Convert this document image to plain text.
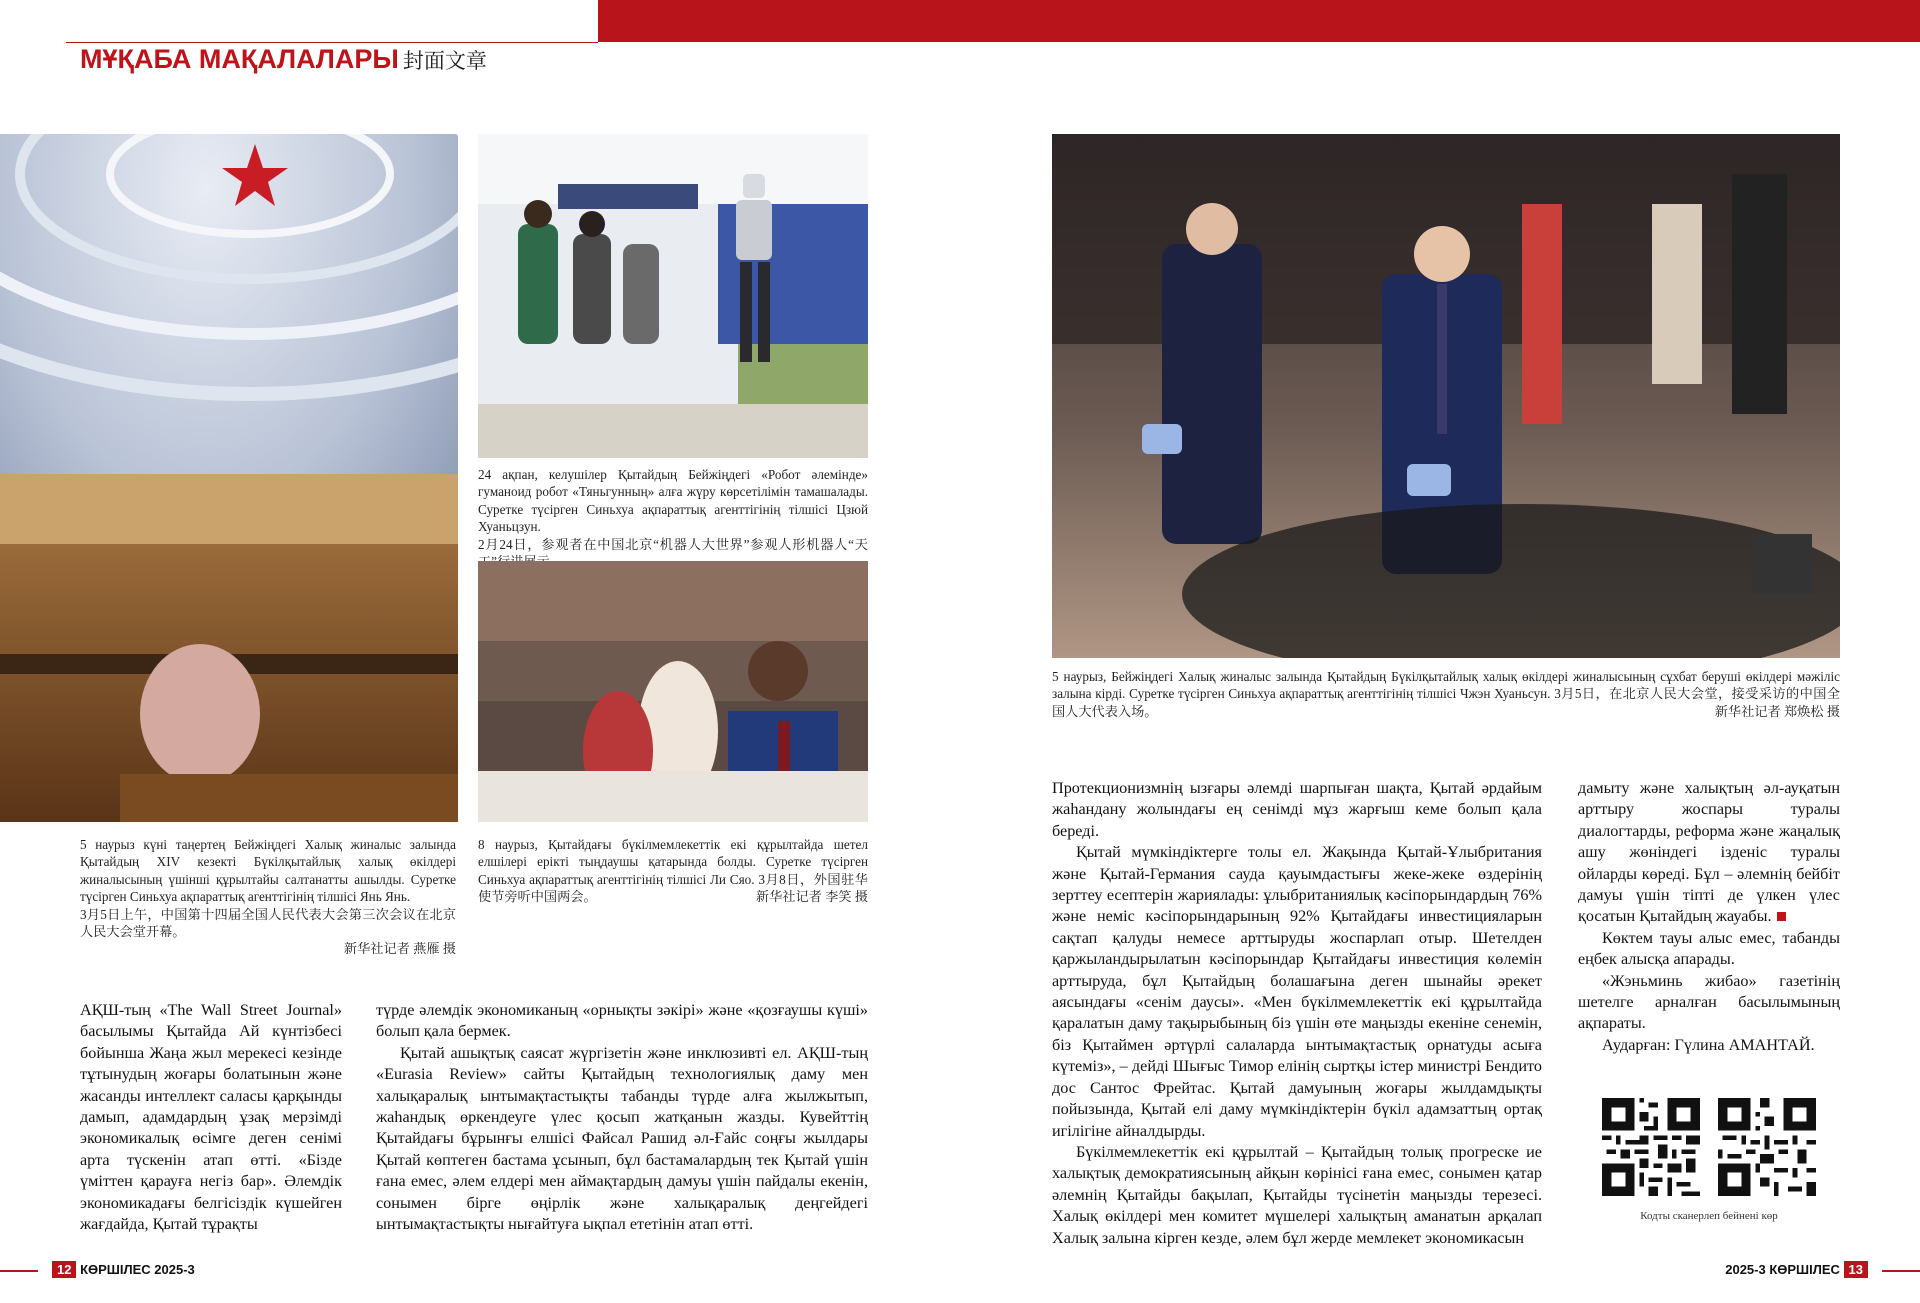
МҰҚАБА МАҚАЛАЛАРЫ 封面文章
5 наурыз күні таңертең Бейжіңдегі Халық жиналыс залында Қытайдың XIV кезекті Бүкілқытайлық халық өкілдері жиналысының үшінші құрылтайы салтанатты ашылды. Суретке түсірген Синьхуа ақпараттық агенттігінің тілшісі Янь Янь.
3月5日上午，中国第十四届全国人民代表大会第三次会议在北京人民大会堂开幕。
新华社记者 燕雁 摄
24 ақпан, келушілер Қытайдың Бейжіңдегі «Робот әлемінде» гуманоид робот «Тяньгунның» алға жүру көрсетілімін тамашалады. Суретке түсірген Синьхуа ақпараттық агенттігінің тілшісі Цзюй Хуаньцзун.
2月24日，参观者在中国北京“机器人大世界”参观人形机器人“天
8 наурыз, Қытайдағы бүкілмемлекеттік екі құрылтайда шетел елшілері ерікті тыңдаушы қатарында болды. Суретке түсірген Синьхуа ақпараттық агенттігінің тілшісі Ли Сяо. 3月8日，外国驻华使节旁听中国两会。	新华社记者 李笑 摄
5 наурыз, Бейжіңдегі Халық жиналыс залында Қытайдың Бүкілқытайлық халық өкілдері жиналысының сұхбат беруші өкілдері мәжіліс залына кірді. Суретке түсірген Синьхуа ақпараттық агенттігінің тілшісі Чжэн Хуаньсун. 3月5日，在北京人民大会堂，接受采访的中国全国人大代表入场。	新华社记者 郑焕松 摄

АҚШ-тың «The Wall Street Journal» басылымы Қытайда Ай күнтізбесі бойынша Жаңа жыл мерекесі кезінде тұтынудың жоғары болатынын және жасанды интеллект саласы қарқынды дамып, адамдардың ұзақ мерзімді экономикалық өсімге деген сенімі арта түскенін атап өтті. «Бізде үміттен қарауға негіз бар». Әлемдік экономикадағы белгісіздік күшейген жағдайда, Қытай тұрақты

түрде әлемдік экономиканың «орнықты зәкірі» және «қозғаушы күші» болып қала бермек.

Қытай ашықтық саясат жүргізетін және инклюзивті ел. АҚШ-тың «Eurasia Review» сайты Қытайдың технологиялық даму мен халықаралық ынтымақтастықты табанды түрде алға жылжытып, жаһандық өркендеуге үлес қосып жатқанын жазды. Кувейттің Қытайдағы бұрынғы елшісі Файсал Рашид әл-Ғайс соңғы жылдары Қытай көптеген бастама ұсынып, бұл бастамалардың тек Қытай үшін ғана емес, әлем елдері мен аймақтардың дамуы үшін пайдалы екенін, сонымен бірге өңірлік және халықаралық деңгейдегі ынтымақтастықты нығайтуға ықпал ететінін атап өтті.

Протекционизмнің ызғары әлемді шарпыған шақта, Қытай әрдайым жаһандану жолындағы ең сенімді мұз жарғыш кеме болып қала береді.

Қытай мүмкіндіктерге толы ел. Жақында Қытай-Ұлыбритания және Қытай-Германия сауда қауымдастығы жеке-жеке өздерінің зерттеу есептерін жариялады: ұлыбританиялық кәсіпорындардың 76% және неміс кәсіпорындарының 92% Қытайдағы инвестицияларын сақтап қалуды немесе арттыруды жоспарлап отыр. Шетелден қаржыландырылатын кәсіпорындар Қытайдағы инвестиция көлемін арттыруда, бұл Қытайдың болашағына деген шынайы әрекет аясындағы «сенім даусы». «Мен бүкілмемлекеттік екі құрылтайда қаралатын даму тақырыбының біз үшін өте маңызды екеніне сенемін, біз Қытаймен әртүрлі салаларда ынтымақтастық орнатуды асыға күтеміз», – дейді Шығыс Тимор елінің сыртқы істер министрі Бендито дос Сантос Фрейтас. Қытай дамуының жоғары жылдамдықты пойызында, Қытай елі даму мүмкіндіктерін бүкіл адамзаттың ортақ игілігіне айналдырды.

Бүкілмемлекеттік екі құрылтай – Қытайдың толық прогреске ие халықтық демократиясының айқын көрінісі ғана емес, сонымен қатар әлемнің Қытайды бақылап, Қытайды түсінетін маңызды терезесі. Халық өкілдері мен комитет мүшелері халықтың аманатын арқалап Халық залына кірген кезде, әлем бұл жерде мемлекет экономикасын

дамыту және халықтың әл-ауқатын арттыру жоспары туралы диалогтарды, реформа және жаңалық ашу жөніндегі ізденіс туралы ойларды көреді. Бұл – әлемнің бейбіт дамуы үшін тіпті де үлкен үлес қосатын Қытайдың жауабы.

Көктем тауы алыс емес, табанды еңбек алысқа апарады.

«Жэньминь жибао» газетінің шетелге арналған басылымының ақпараты.

Аударған: Гүлина АМАНТАЙ.

Кодты сканерлеп бейнені көр
12 КӨРШІЛЕС 2025-3	2025-3 КӨРШІЛЕС 13
